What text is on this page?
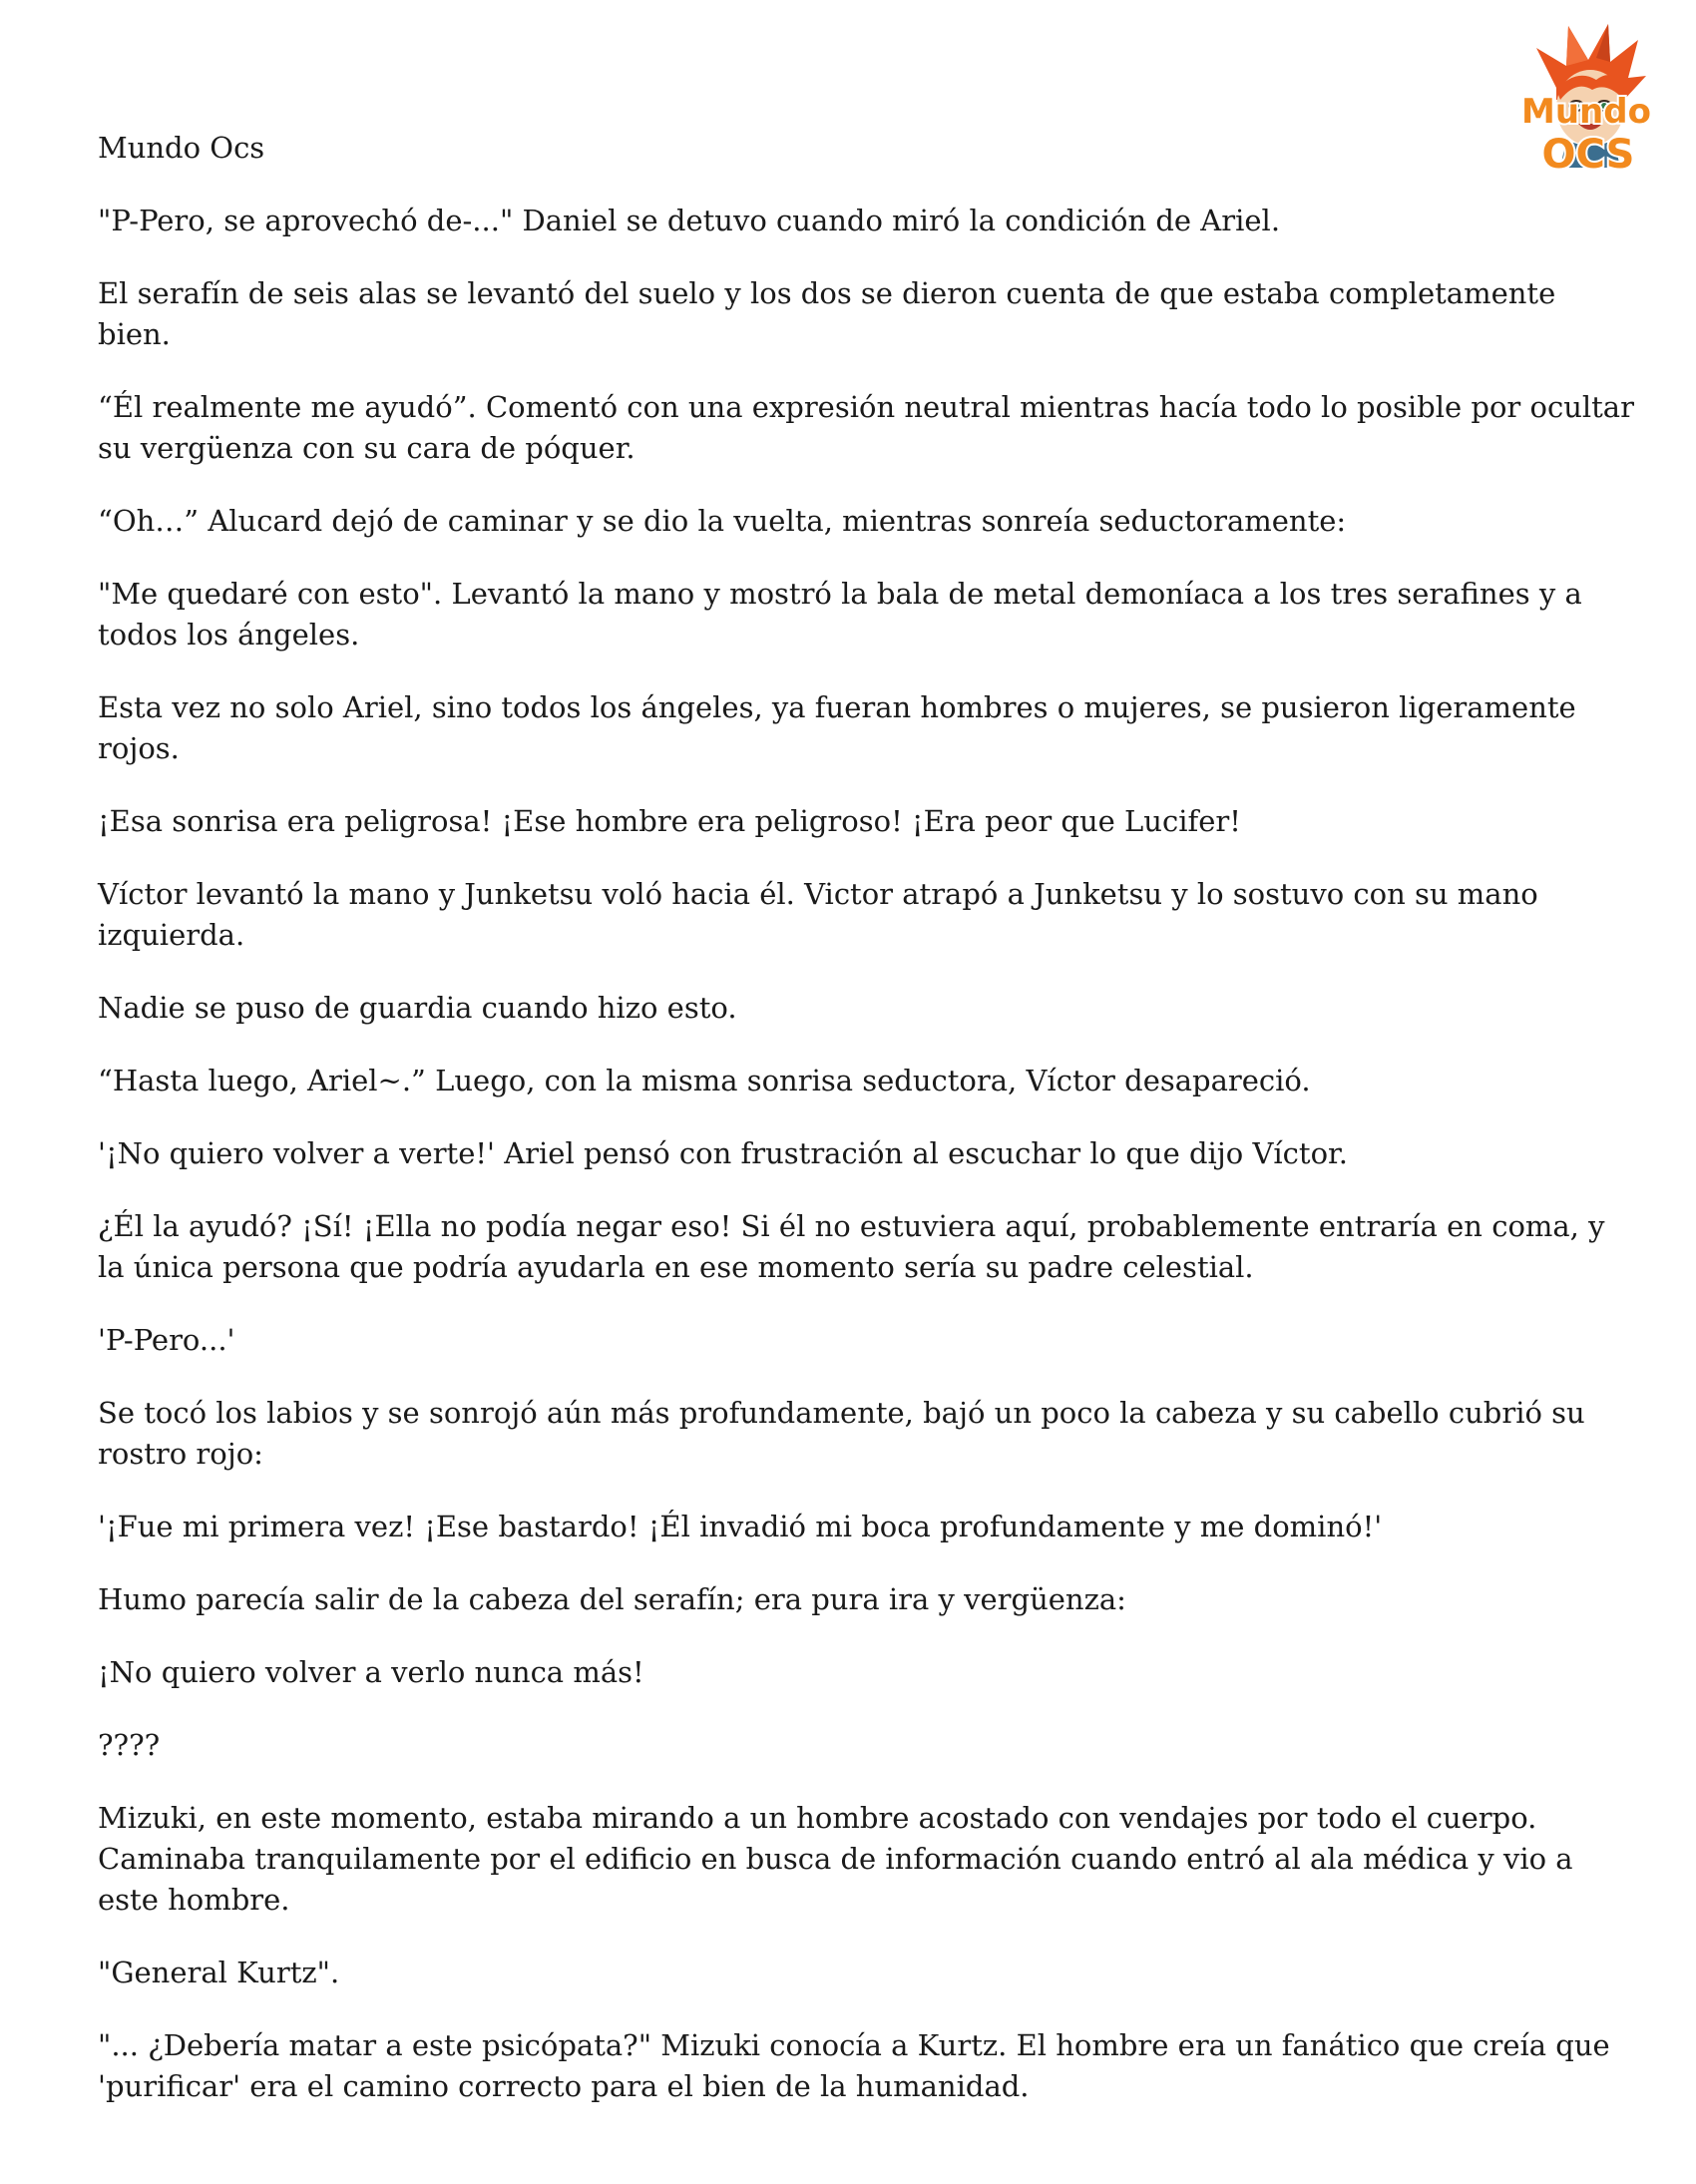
Mundo
OCS

Mundo Ocs

"P-Pero, se aprovechó de-..." Daniel se detuvo cuando miró la condición de Ariel.

El serafín de seis alas se levantó del suelo y los dos se dieron cuenta de que estaba completamente bien.

“Él realmente me ayudó”. Comentó con una expresión neutral mientras hacía todo lo posible por ocultar su vergüenza con su cara de póquer.

“Oh…” Alucard dejó de caminar y se dio la vuelta, mientras sonreía seductoramente:

"Me quedaré con esto". Levantó la mano y mostró la bala de metal demoníaca a los tres serafines y a todos los ángeles.

Esta vez no solo Ariel, sino todos los ángeles, ya fueran hombres o mujeres, se pusieron ligeramente rojos.

¡Esa sonrisa era peligrosa! ¡Ese hombre era peligroso! ¡Era peor que Lucifer!

Víctor levantó la mano y Junketsu voló hacia él. Victor atrapó a Junketsu y lo sostuvo con su mano izquierda.

Nadie se puso de guardia cuando hizo esto.

“Hasta luego, Ariel~.” Luego, con la misma sonrisa seductora, Víctor desapareció.

'¡No quiero volver a verte!' Ariel pensó con frustración al escuchar lo que dijo Víctor.

¿Él la ayudó? ¡Sí! ¡Ella no podía negar eso! Si él no estuviera aquí, probablemente entraría en coma, y la única persona que podría ayudarla en ese momento sería su padre celestial.

'P-Pero...'

Se tocó los labios y se sonrojó aún más profundamente, bajó un poco la cabeza y su cabello cubrió su rostro rojo:

'¡Fue mi primera vez! ¡Ese bastardo! ¡Él invadió mi boca profundamente y me dominó!'

Humo parecía salir de la cabeza del serafín; era pura ira y vergüenza:

¡No quiero volver a verlo nunca más!

????

Mizuki, en este momento, estaba mirando a un hombre acostado con vendajes por todo el cuerpo. Caminaba tranquilamente por el edificio en busca de información cuando entró al ala médica y vio a este hombre.

"General Kurtz".

"... ¿Debería matar a este psicópata?" Mizuki conocía a Kurtz. El hombre era un fanático que creía que 'purificar' era el camino correcto para el bien de la humanidad.
